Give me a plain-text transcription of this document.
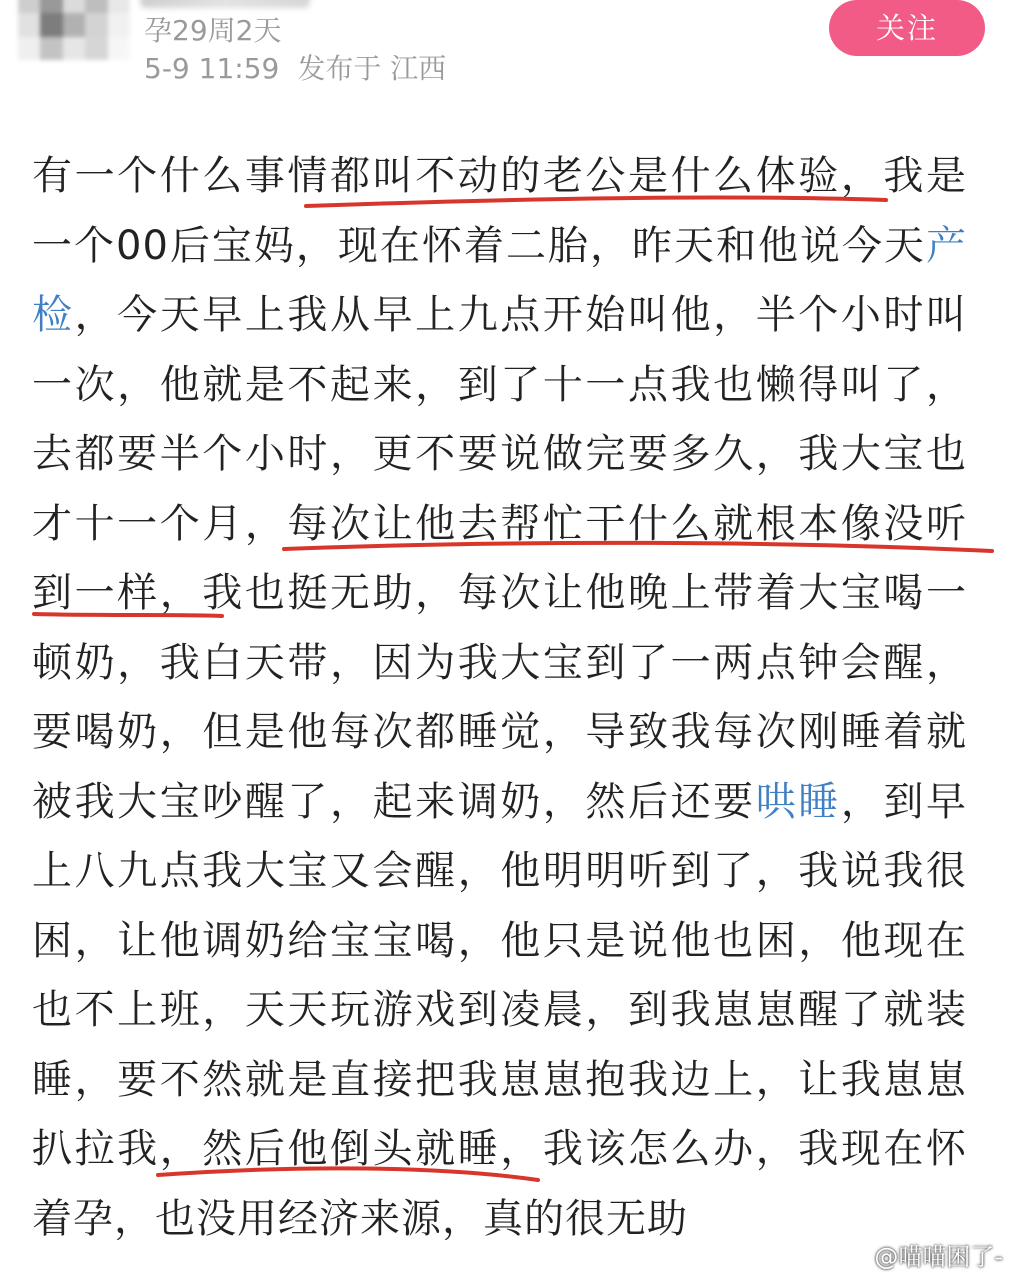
孕29周2天
5-9 11:59 发布于 江西
关注
有一个什么事情都叫不动的老公是什么体验，我是一个00后宝妈，现在怀着二胎，昨天和他说今天产检，今天早上我从早上九点开始叫他，半个小时叫一次，他就是不起来，到了十一点我也懒得叫了，去都要半个小时，更不要说做完要多久，我大宝也才十一个月，每次让他去帮忙干什么就根本像没听到一样，我也挺无助，每次让他晚上带着大宝喝一顿奶，我白天带，因为我大宝到了一两点钟会醒，要喝奶，但是他每次都睡觉，导致我每次刚睡着就被我大宝吵醒了，起来调奶，然后还要哄睡，到早上八九点我大宝又会醒，他明明听到了，我说我很困，让他调奶给宝宝喝，他只是说他也困，他现在也不上班，天天玩游戏到凌晨，到我崽崽醒了就装睡，要不然就是直接把我崽崽抱我边上，让我崽崽扒拉我，然后他倒头就睡，我该怎么办，我现在怀着孕，也没用经济来源，真的很无助
@喵喵困了-
